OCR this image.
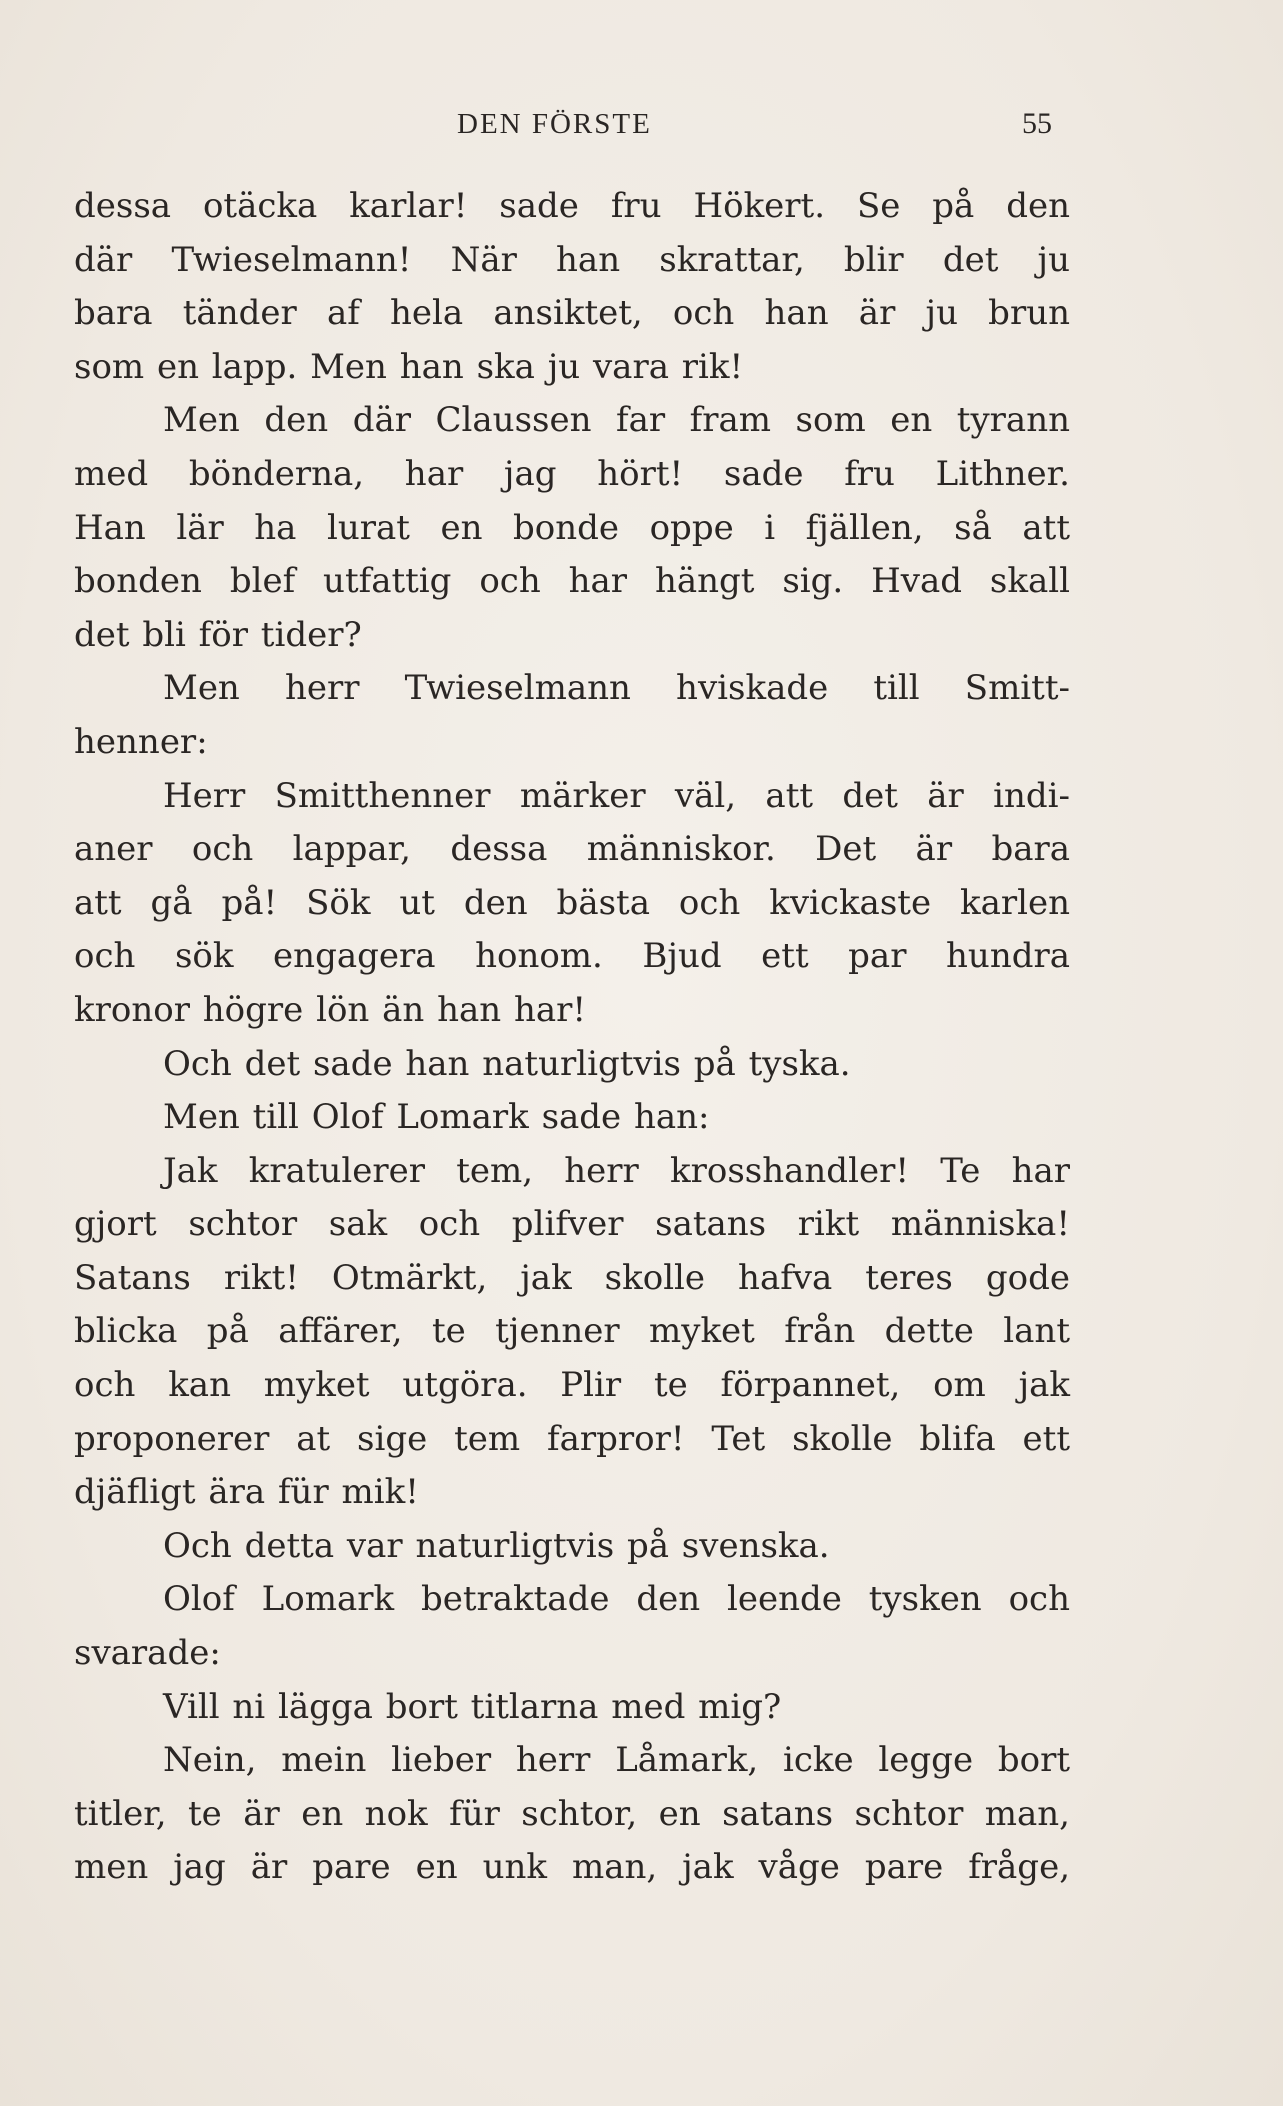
DEN FÖRSTE	55
dessa otäcka karlar! sade fru Hökert. Se på den
där Twieselmann! När han skrattar, blir det ju
bara tänder af hela ansiktet, och han är ju brun
som en lapp. Men han ska ju vara rik!
Men den där Claussen far fram som en tyrann
med bönderna, har jag hört! sade fru Lithner.
Han lär ha lurat en bonde oppe i fjällen, så att
bonden blef utfattig och har hängt sig. Hvad skall
det bli för tider?
Men herr Twieselmann hviskade till Smitt-
henner:
Herr Smitthenner märker väl, att det är indi-
aner och lappar, dessa människor. Det är bara
att gå på! Sök ut den bästa och kvickaste karlen
och sök engagera honom. Bjud ett par hundra
kronor högre lön än han har!
Och det sade han naturligtvis på tyska.
Men till Olof Lomark sade han:
Jak kratulerer tem, herr krosshandler! Te har
gjort schtor sak och plifver satans rikt människa!
Satans rikt! Otmärkt, jak skolle hafva teres gode
blicka på affärer, te tjenner myket från dette lant
och kan myket utgöra. Plir te förpannet, om jak
proponerer at sige tem farpror! Tet skolle blifa ett
djäfligt ära für mik!
Och detta var naturligtvis på svenska.
Olof Lomark betraktade den leende tysken och
svarade:
Vill ni lägga bort titlarna med mig?
Nein, mein lieber herr Låmark, icke legge bort
titler, te är en nok für schtor, en satans schtor man,
men jag är pare en unk man, jak våge pare fråge,
